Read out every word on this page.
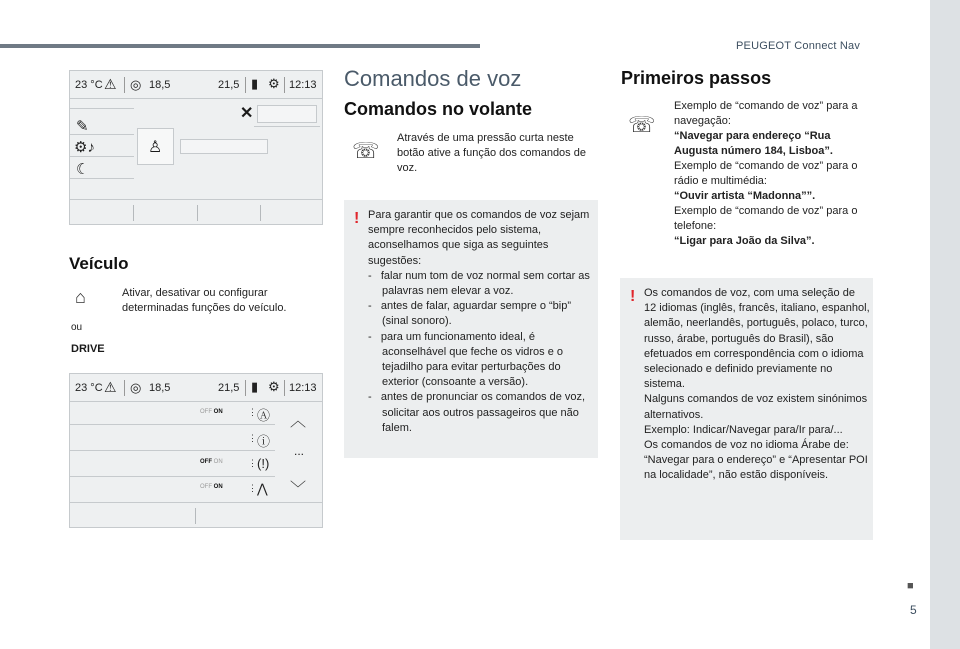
PEUGEOT Connect Nav
■
5
23 °C ⚠ ◎ 18,5	21,5 ▮ ⚙ 12:13
✕
✎
⚙♪
☾
♙
Veículo
⌂	Ativar, desativar ou configurar determinadas funções do veículo.
ou
DRIVE
23 °C ⚠ ◎ 18,5	21,5 ▮ ⚙ 12:13
OFF ON	⋮ Ⓐ
⋮ ⓘ
OFF ON	⋮ (!)
OFF ON	⋮ ⋀
︿
...
﹀
Comandos de voz
Comandos no volante
☏ Através de uma pressão curta neste botão ative a função dos comandos de voz.
! Para garantir que os comandos de voz sejam sempre reconhecidos pelo sistema, aconselhamos que siga as seguintes sugestões:
- falar num tom de voz normal sem cortar as palavras nem elevar a voz.
- antes de falar, aguardar sempre o “bip” (sinal sonoro).
- para um funcionamento ideal, é aconselhável que feche os vidros e o tejadilho para evitar perturbações do exterior (consoante a versão).
- antes de pronunciar os comandos de voz, solicitar aos outros passageiros que não falem.
Primeiros passos
☏
Exemplo de “comando de voz” para a navegação:
“Navegar para endereço “Rua Augusta número 184, Lisboa”.
Exemplo de “comando de voz” para o rádio e multimédia:
“Ouvir artista “Madonna””.
Exemplo de “comando de voz” para o telefone:
“Ligar para João da Silva”.
! Os comandos de voz, com uma seleção de 12 idiomas (inglês, francês, italiano, espanhol, alemão, neerlandês, português, polaco, turco, russo, árabe, português do Brasil), são efetuados em correspondência com o idioma selecionado e definido previamente no sistema.
Nalguns comandos de voz existem sinónimos alternativos.
Exemplo: Indicar/Navegar para/Ir para/...
Os comandos de voz no idioma Árabe de: “Navegar para o endereço” e “Apresentar POI na localidade”, não estão disponíveis.
